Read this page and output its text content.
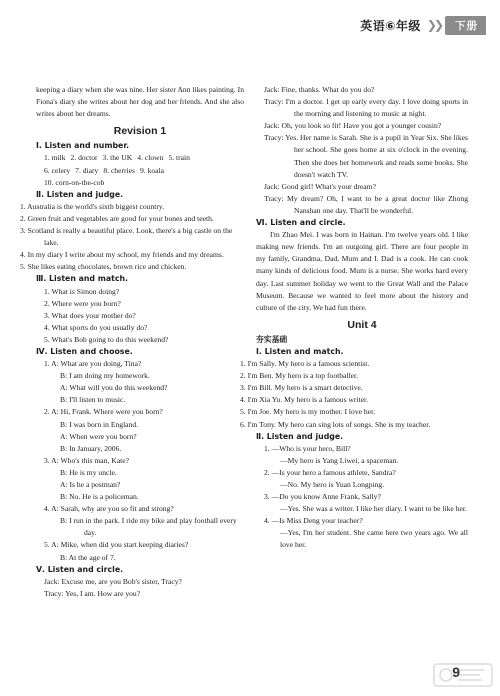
英语⑥年级 ❯❯	下册

keeping a diary when she was nine. Her sister Ann likes painting. In Fiona's diary she writes about her dog and her friends. And she also writes about her dreams.

Revision 1

Ⅰ. Listen and number.

1. milk 2. doctor 3. the UK 4. clown 5. train
6. celery 7. diary 8. cherries 9. koala
10. corn-on-the-cob

Ⅱ. Listen and judge.

1. Australia is the world's sixth biggest country.

2. Green fruit and vegetables are good for your bones and teeth.

3. Scotland is really a beautiful place. Look, there's a big castle on the lake.

4. In my diary I write about my school, my friends and my dreams.

5. She likes eating chocolates, brown rice and chicken.

Ⅲ. Listen and match.

1. What is Simon doing?

2. Where were you born?

3. What does your mother do?

4. What sports do you usually do?

5. What's Bob going to do this weekend?

Ⅳ. Listen and choose.

1. A: What are you doing, Tina?

B: I am doing my homework.

A: What will you do this weekend?

B: I'll listen to music.

2. A: Hi, Frank. Where were you born?

B: I was born in England.

A: When were you born?

B: In January, 2006.

3. A: Who's this man, Kate?

B: He is my uncle.

A: Is he a postman?

B: No. He is a policeman.

4. A: Sarah, why are you so fit and strong?

B: I run in the park. I ride my bike and play football every day.

5. A: Mike, when did you start keeping diaries?

B: At the age of 7.

Ⅴ. Listen and circle.

Jack: Excuse me, are you Bob's sister, Tracy?

Tracy: Yes, I am. How are you?

Jack: Fine, thanks. What do you do?

Tracy: I'm a doctor. I get up early every day. I love doing sports in the morning and listening to music at night.

Jack: Oh, you look so fit! Have you got a younger cousin?

Tracy: Yes. Her name is Sarah. She is a pupil in Year Six. She likes her school. She goes home at six o'clock in the evening. Then she does her homework and reads some books. She doesn't watch TV.

Jack: Good girl! What's your dream?

Tracy: My dream? Oh, I want to be a great doctor like Zhong Nanshan one day. That'll be wonderful.

Ⅵ. Listen and circle.

I'm Zhao Mei. I was born in Hainan. I'm twelve years old. I like making new friends. I'm an outgoing girl. There are four people in my family, Grandma, Dad, Mum and I. Dad is a cook. He can cook many kinds of delicious food. Mum is a nurse. She works hard every day. Last summer holiday we went to the Great Wall and the Palace Museum. Because we wanted to feel more about the history and culture of the city. We had fun there.

Unit 4

夯实基础

Ⅰ. Listen and match.

1. I'm Sally. My hero is a famous scientist.

2. I'm Ben. My hero is a top footballer.

3. I'm Bill. My hero is a smart detective.

4. I'm Xia Yu. My hero is a famous writer.

5. I'm Joe. My hero is my mother. I love her.

6. I'm Tony. My hero can sing lots of songs. She is my teacher.

Ⅱ. Listen and judge.

1. —Who is your hero, Bill?

—My hero is Yang Liwei, a spaceman.

2. —Is your hero a famous athlete, Sandra?

—No. My hero is Yuan Longping.

3. —Do you know Anne Frank, Sally?

—Yes. She was a writer. I like her diary. I want to be like her.

4. —Is Miss Deng your teacher?

—Yes, I'm her student. She came here two years ago. We all love her.

9
